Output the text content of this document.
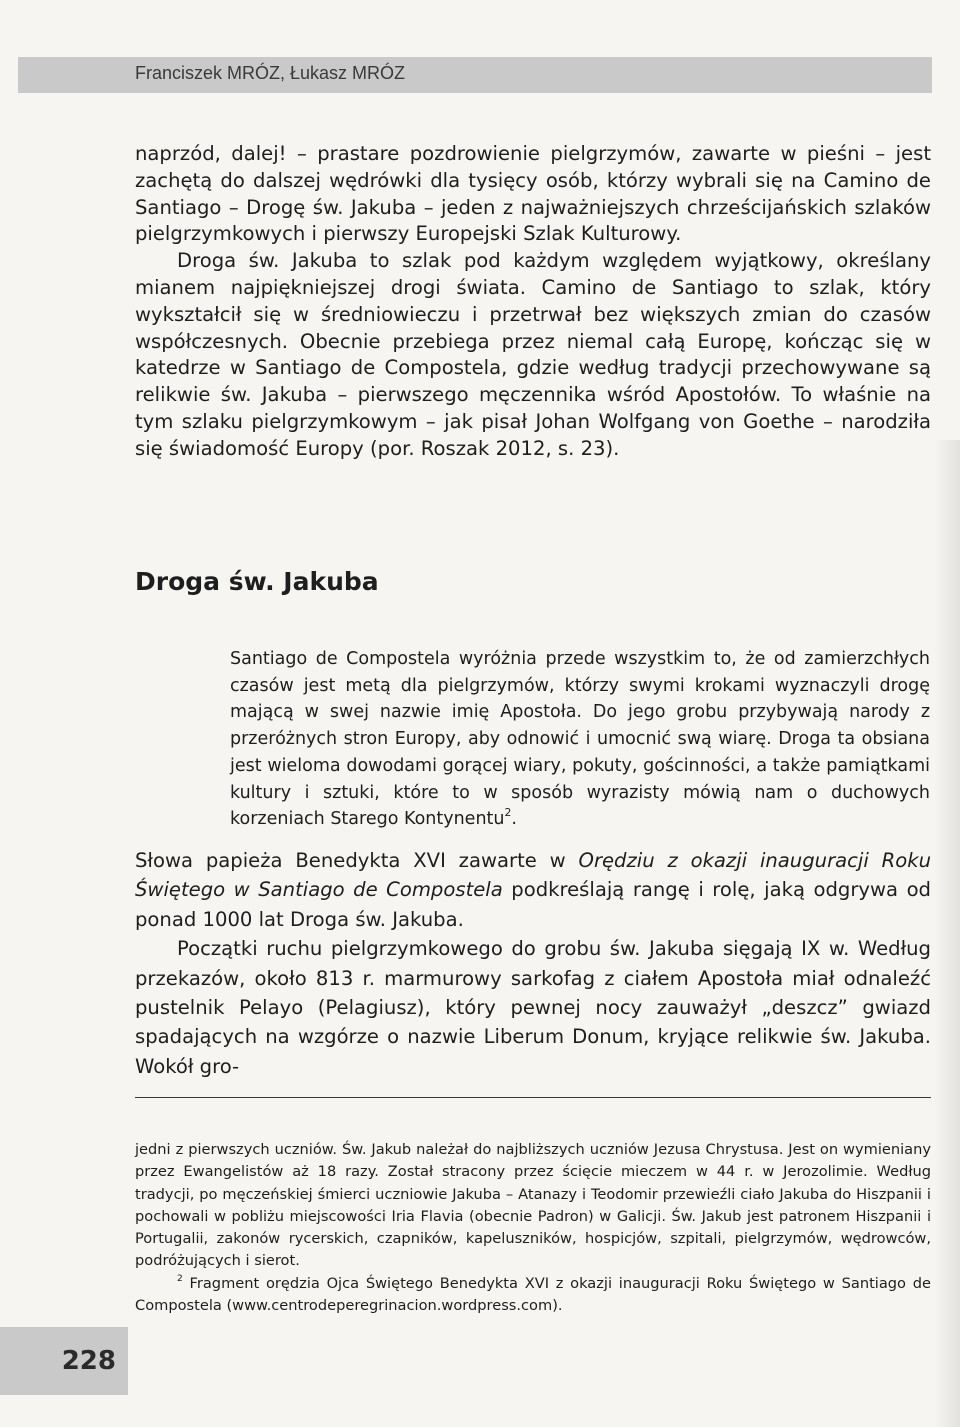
Franciszek MRÓZ, Łukasz MRÓZ

naprzód, dalej! – prastare pozdrowienie pielgrzymów, zawarte w pieśni – jest zachętą do dalszej wędrówki dla tysięcy osób, którzy wybrali się na Camino de Santiago – Drogę św. Jakuba – jeden z najważniejszych chrześcijańskich szlaków pielgrzymkowych i pierwszy Europejski Szlak Kulturowy.

Droga św. Jakuba to szlak pod każdym względem wyjątkowy, określany mianem najpiękniejszej drogi świata. Camino de Santiago to szlak, który wykształcił się w średniowieczu i przetrwał bez większych zmian do czasów współczesnych. Obecnie przebiega przez niemal całą Europę, kończąc się w katedrze w Santiago de Compostela, gdzie według tradycji przechowywane są relikwie św. Jakuba – pierwszego męczennika wśród Apostołów. To właśnie na tym szlaku pielgrzymkowym – jak pisał Johan Wolfgang von Goethe – narodziła się świadomość Europy (por. Roszak 2012, s. 23).

Droga św. Jakuba

Santiago de Compostela wyróżnia przede wszystkim to, że od zamierzchłych czasów jest metą dla pielgrzymów, którzy swymi krokami wyznaczyli drogę mającą w swej nazwie imię Apostoła. Do jego grobu przybywają narody z przeróżnych stron Europy, aby odnowić i umocnić swą wiarę. Droga ta obsiana jest wieloma dowodami gorącej wiary, pokuty, gościnności, a także pamiątkami kultury i sztuki, które to w sposób wyrazisty mówią nam o duchowych korzeniach Starego Kontynentu$^2$.

Słowa papieża Benedykta XVI zawarte w Orędziu z okazji inauguracji Roku Świętego w Santiago de Compostela podkreślają rangę i rolę, jaką odgrywa od ponad 1000 lat Droga św. Jakuba.

Początki ruchu pielgrzymkowego do grobu św. Jakuba sięgają IX w. Według przekazów, około 813 r. marmurowy sarkofag z ciałem Apostoła miał odnaleźć pustelnik Pelayo (Pelagiusz), który pewnej nocy zauważył „deszcz” gwiazd spadających na wzgórze o nazwie Liberum Donum, kryjące relikwie św. Jakuba. Wokół gro-

jedni z pierwszych uczniów. Św. Jakub należał do najbliższych uczniów Jezusa Chrystusa. Jest on wymieniany przez Ewangelistów aż 18 razy. Został stracony przez ścięcie mieczem w 44 r. w Jerozolimie. Według tradycji, po męczeńskiej śmierci uczniowie Jakuba – Atanazy i Teodomir przewieźli ciało Jakuba do Hiszpanii i pochowali w pobliżu miejscowości Iria Flavia (obecnie Padron) w Galicji. Św. Jakub jest patronem Hiszpanii i Portugalii, zakonów rycerskich, czapników, kapeluszników, hospicjów, szpitali, pielgrzymów, wędrowców, podróżujących i sierot.

$^2$ Fragment orędzia Ojca Świętego Benedykta XVI z okazji inauguracji Roku Świętego w Santiago de Compostela (www.centrodeperegrinacion.wordpress.com).

228
